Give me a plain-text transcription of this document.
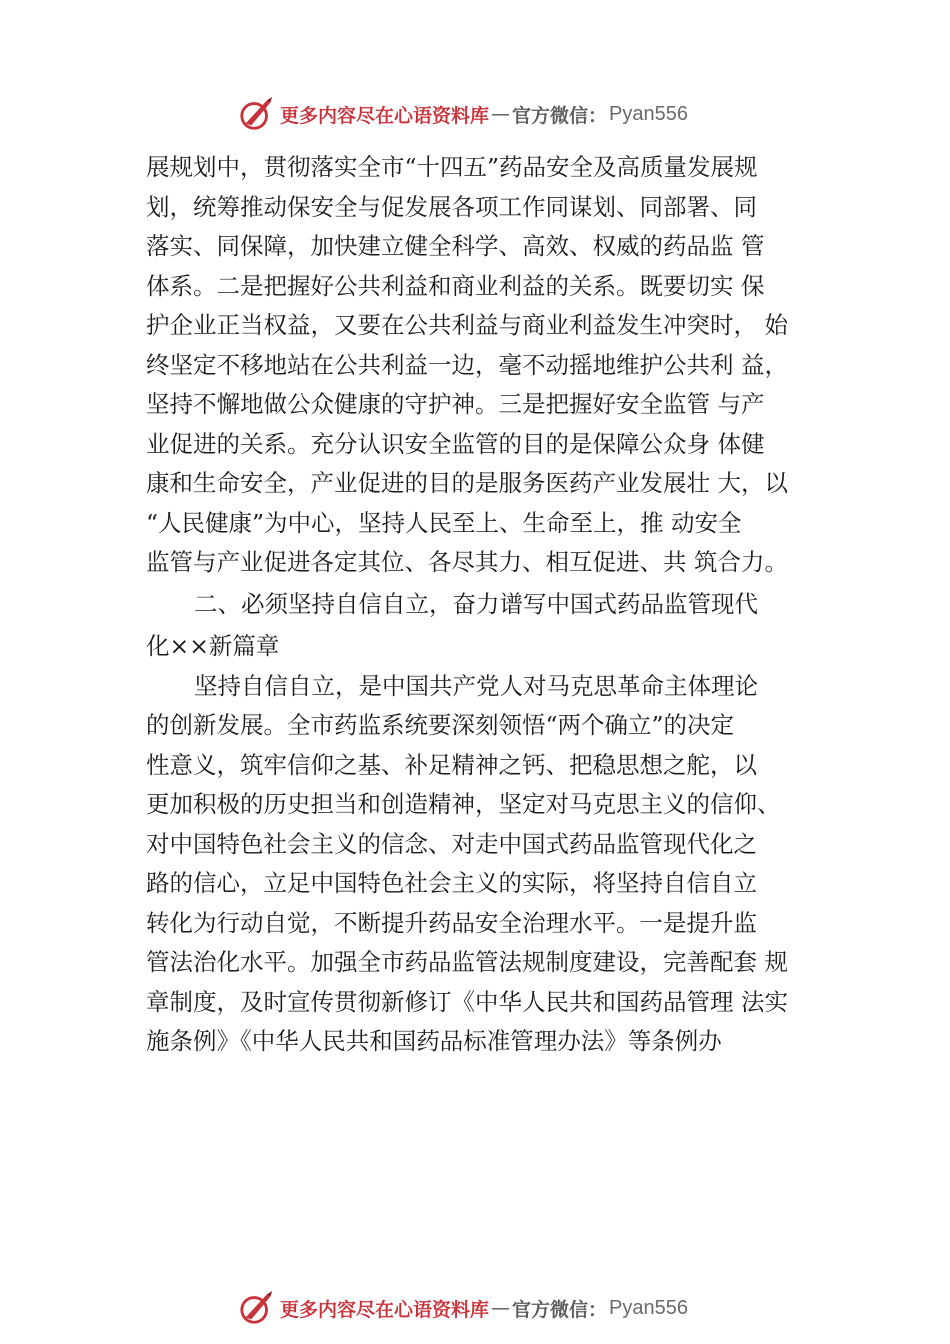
更多内容尽在心语资料库 — 官方微信： Pyan556
展规划中，贯彻落实全市“十四五”药品安全及高质量发展规
划，统筹推动保安全与促发展各项工作同谋划、同部署、同
落实、同保障，加快建立健全科学、高效、权威的药品监 管
体系。二是把握好公共利益和商业利益的关系。既要切实 保
护企业正当权益，又要在公共利益与商业利益发生冲突时， 始
终坚定不移地站在公共利益一边，毫不动摇地维护公共利 益，
坚持不懈地做公众健康的守护神。三是把握好安全监管 与产
业促进的关系。充分认识安全监管的目的是保障公众身 体健
康和生命安全，产业促进的目的是服务医药产业发展壮 大，以
“人民健康”为中心，坚持人民至上、生命至上，推 动安全
监管与产业促进各定其位、各尽其力、相互促进、共 筑合力。
二、必须坚持自信自立，奋力谱写中国式药品监管现代
化××新篇章
坚持自信自立，是中国共产党人对马克思革命主体理论
的创新发展。全市药监系统要深刻领悟“两个确立”的决定
性意义，筑牢信仰之基、补足精神之钙、把稳思想之舵，以
更加积极的历史担当和创造精神，坚定对马克思主义的信仰、
对中国特色社会主义的信念、对走中国式药品监管现代化之
路的信心，立足中国特色社会主义的实际，将坚持自信自立
转化为行动自觉，不断提升药品安全治理水平。一是提升监
管法治化水平。加强全市药品监管法规制度建设，完善配套 规
章制度，及时宣传贯彻新修订《中华人民共和国药品管理 法实
施条例》《中华人民共和国药品标准管理办法》等条例办
更多内容尽在心语资料库 — 官方微信： Pyan556
